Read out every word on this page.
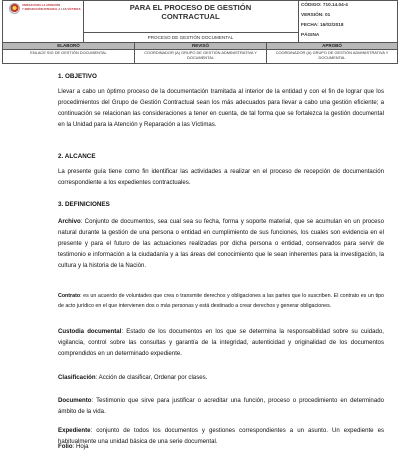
UNIDAD PARA LA ATENCIÓN
Y REPARACIÓN INTEGRAL A LAS VÍCTIMAS	PARA EL PROCESO DE GESTIÓN
CONTRACTUAL
PROCESO DE GESTIÓN DOCUMENTAL
CÓDIGO: 710.14.04-4
VERSIÓN: 01
FECHA: 16/02/2018
PÁGINA
ELABORÓ
ENLACE SIG DE GESTIÓN DOCUMENTAL
REVISÓ
COORDINADOR (A) GRUPO DE GESTIÓN ADMINISTRATIVA Y DOCUMENTAL
APROBÓ
COORDINADOR (A) GRUPO DE GESTIÓN ADMINISTRATIVA Y DOCUMENTAL
1. OBJETIVO
Llevar a cabo un óptimo proceso de la documentación tramitada al interior de la entidad y con el fin de lograr que los procedimientos del Grupo de Gestión Contractual sean los más adecuados para llevar a cabo una gestión eficiente; a continuación se relacionan las consideraciones a tener en cuenta, de tal forma que se fortalezca la gestión documental en la Unidad para la Atención y Reparación a las Víctimas.
2. ALCANCE
La presente guía tiene como fin identificar las actividades a realizar en el proceso de recepción de documentación correspondiente a los expedientes contractuales.
3. DEFINICIONES
Archivo: Conjunto de documentos, sea cual sea su fecha, forma y soporte material, que se acumulan en un proceso natural durante la gestión de una persona o entidad en cumplimiento de sus funciones, los cuales son evidencia en el presente y para el futuro de las actuaciones realizadas por dicha persona o entidad, conservados para servir de testimonio e información a la ciudadanía y a las áreas del conocimiento que le sean inherentes para la investigación, la cultura y la historia de la Nación.
Contrato: es un acuerdo de voluntades que crea o transmite derechos y obligaciones a las partes que lo suscriben. El contrato es un tipo de acto jurídico en el que intervienen dos o más personas y está destinado a crear derechos y generar obligaciones.
Custodia documental: Estado de los documentos en los que se determina la responsabilidad sobre su cuidado, vigilancia, control sobre las consultas y garantía de la integridad, autenticidad y originalidad de los documentos comprendidos en un determinado expediente.
Clasificación: Acción de clasificar, Ordenar por clases.
Documento: Testimonio que sirve para justificar o acreditar una función, proceso o procedimiento en determinado ámbito de la vida.
Expediente: conjunto de todos los documentos y gestiones correspondientes a un asunto. Un expediente es habitualmente una unidad básica de una serie documental.
Folio: Hoja
